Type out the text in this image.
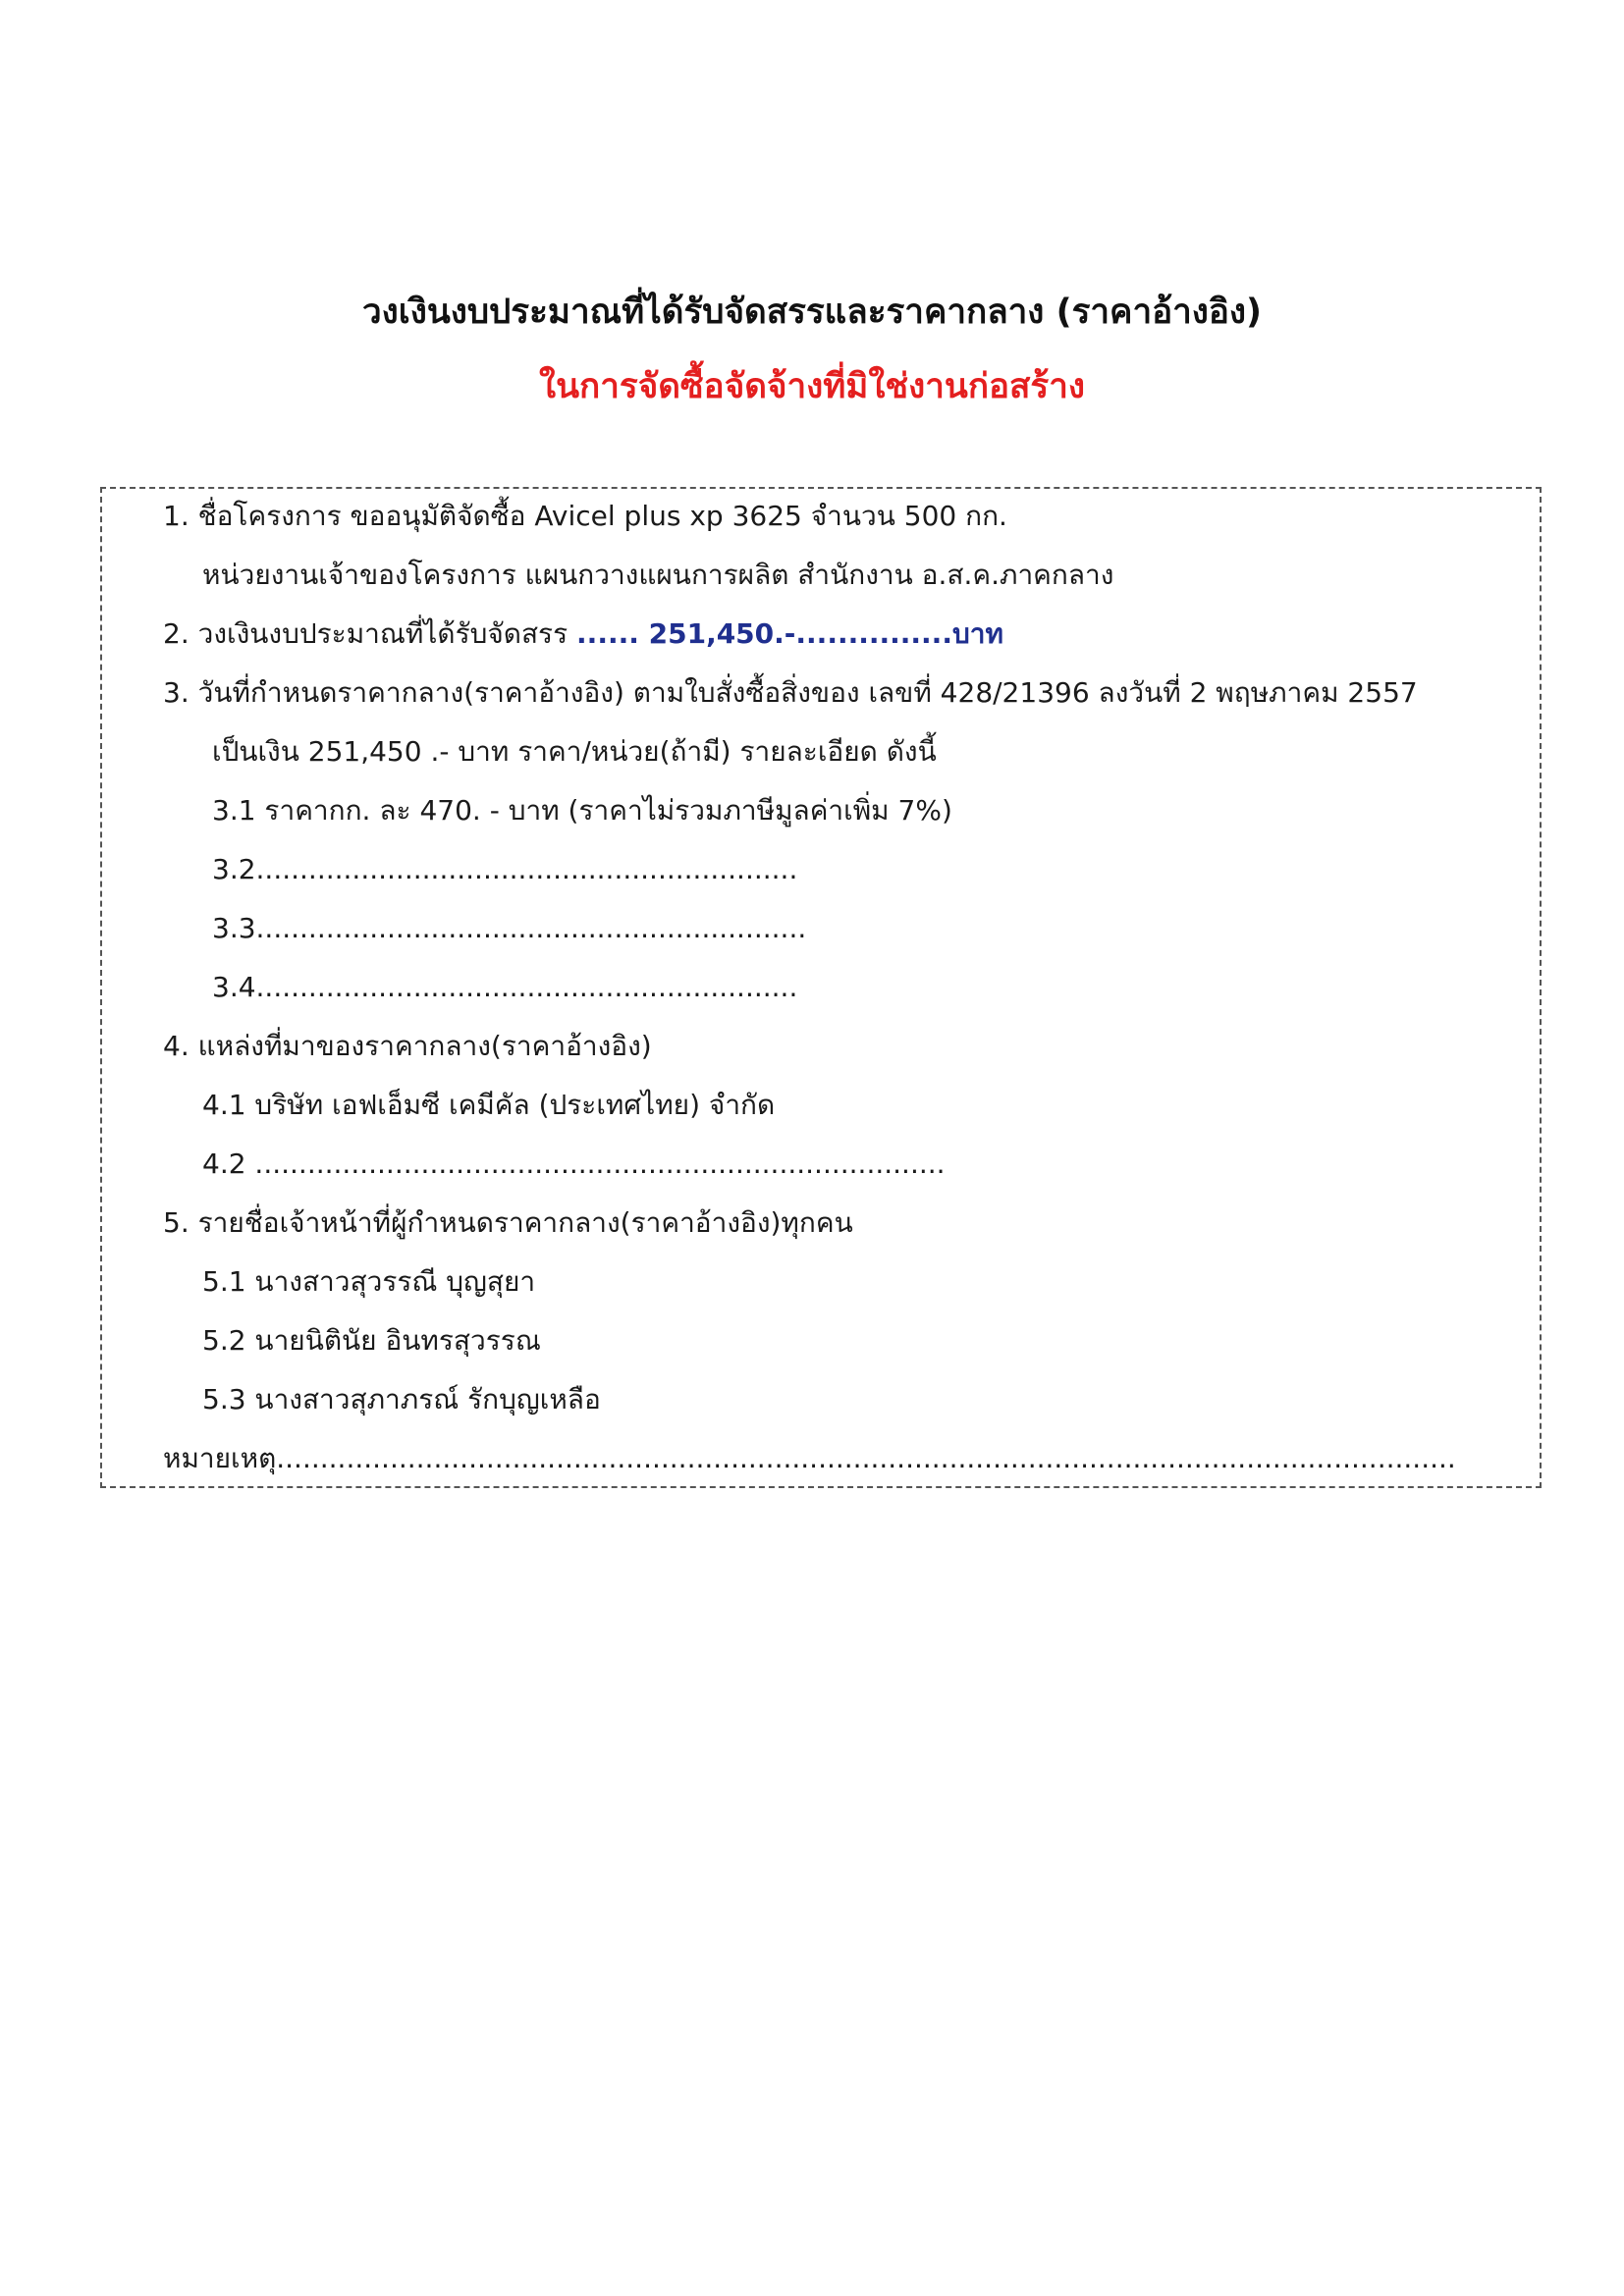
วงเงินงบประมาณที่ได้รับจัดสรรและราคากลาง (ราคาอ้างอิง)
ในการจัดซื้อจัดจ้างที่มิใช่งานก่อสร้าง
1. ชื่อโครงการ ขออนุมัติจัดซื้อ Avicel plus xp 3625 จำนวน 500 กก.
หน่วยงานเจ้าของโครงการ แผนกวางแผนการผลิต สำนักงาน อ.ส.ค.ภาคกลาง
2. วงเงินงบประมาณที่ได้รับจัดสรร ...... 251,450.-...............บาท
3. วันที่กำหนดราคากลาง(ราคาอ้างอิง) ตามใบสั่งซื้อสิ่งของ เลขที่ 428/21396 ลงวันที่ 2 พฤษภาคม 2557
เป็นเงิน 251,450 .- บาท ราคา/หน่วย(ถ้ามี) รายละเอียด ดังนี้
3.1 ราคากก. ละ 470. - บาท (ราคาไม่รวมภาษีมูลค่าเพิ่ม 7%)
3.2..............................................................
3.3...............................................................
3.4..............................................................
4. แหล่งที่มาของราคากลาง(ราคาอ้างอิง)
4.1 บริษัท เอฟเอ็มซี เคมีคัล (ประเทศไทย) จำกัด
4.2 ...............................................................................
5. รายชื่อเจ้าหน้าที่ผู้กำหนดราคากลาง(ราคาอ้างอิง)ทุกคน
5.1 นางสาวสุวรรณี บุญสุยา
5.2 นายนิตินัย อินทรสุวรรณ
5.3 นางสาวสุภาภรณ์ รักบุญเหลือ
หมายเหตุ.......................................................................................................................................
